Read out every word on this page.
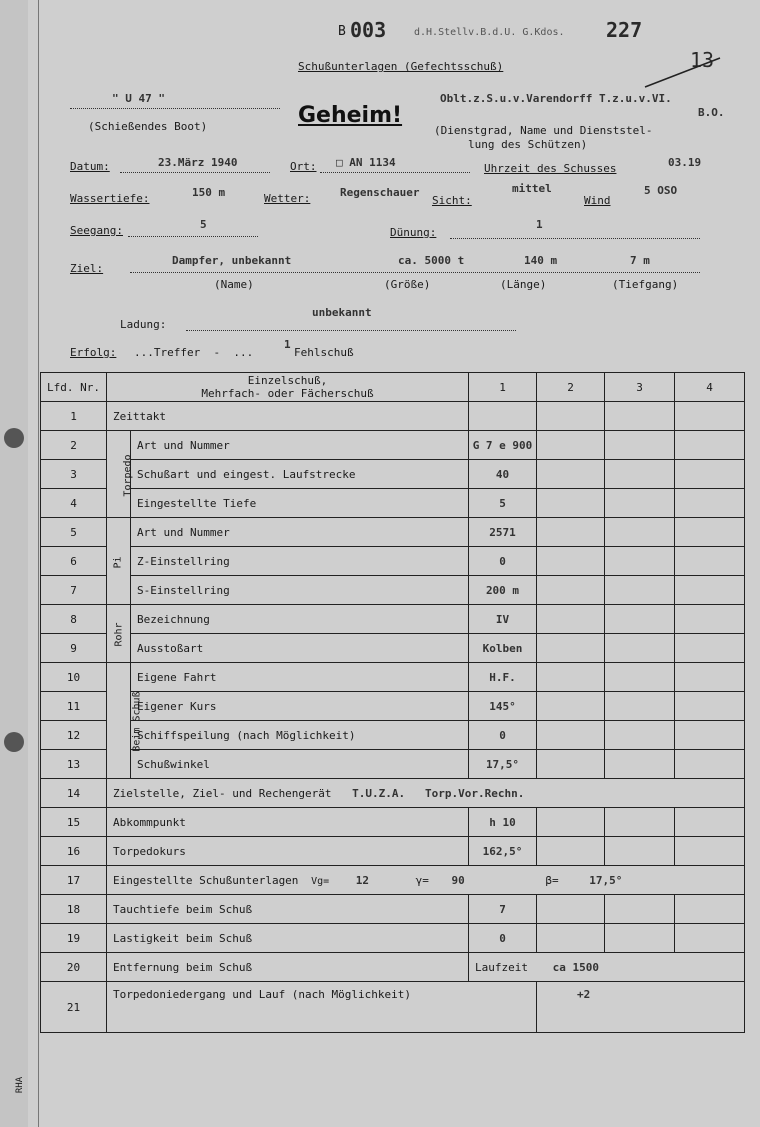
RHA
B 003	d.H.Stellv.B.d.U. G.Kdos. 227
13
Schußunterlagen (Gefechtsschuß)
" U 47 "
(Schießendes Boot)	Geheim!
Oblt.z.S.u.v.Varendorff T.z.u.v.VI.
B.O.
(Dienstgrad, Name und Dienststel-
lung des Schützen)
Datum:	23.März 1940	Ort: □ AN 1134	Uhrzeit des Schusses	03.19
Wassertiefe:	150 m	Wetter:	Regenschauer
Sicht:
mittel
Wind
5 OSO
Seegang:	5
Dünung:
1
Ziel:
Dampfer, unbekannt	ca. 5000 t	140 m	7 m
(Name)	(Größe)	(Länge)	(Tiefgang)
Ladung:
unbekannt
Erfolg: ...Treffer  -  ...
1
Fehlschuß
Lfd. Nr.	Einzelschuß,
Mehrfach- oder Fächerschuß		1	2	3	4
1	Zeittakt					
2	Torpedo	Art und Nummer	G 7 e 900			
3		Schußart und eingest. Laufstrecke	40			
4		Eingestellte Tiefe	5			
5	Pi	Art und Nummer	2571			
6		Z-Einstellring	0			
7		S-Einstellring	200 m			
8	Rohr	Bezeichnung	IV			
9		Ausstoßart	Kolben			
10	Beim Schuß	Eigene Fahrt	H.F.			
11		Eigener Kurs	145°			
12		Schiffspeilung (nach Möglichkeit)	0			
13		Schußwinkel	17,5°			
14	Zielstelle, Ziel- und Rechengerät T.U.Z.A.   Torp.Vor.Rechn.					
15	Abkommpunkt		h 10			
16	Torpedokurs		162,5°			
17	Eingestellte Schußunterlagen Vg= 12 γ= 90 β= 17,5°					
18	Tauchtiefe beim Schuß		7			
19	Lastigkeit beim Schuß		0			
20	Entfernung beim Schuß		Laufzeit ca 1500			
21	Torpedoniedergang und Lauf (nach Möglichkeit)			+2		
